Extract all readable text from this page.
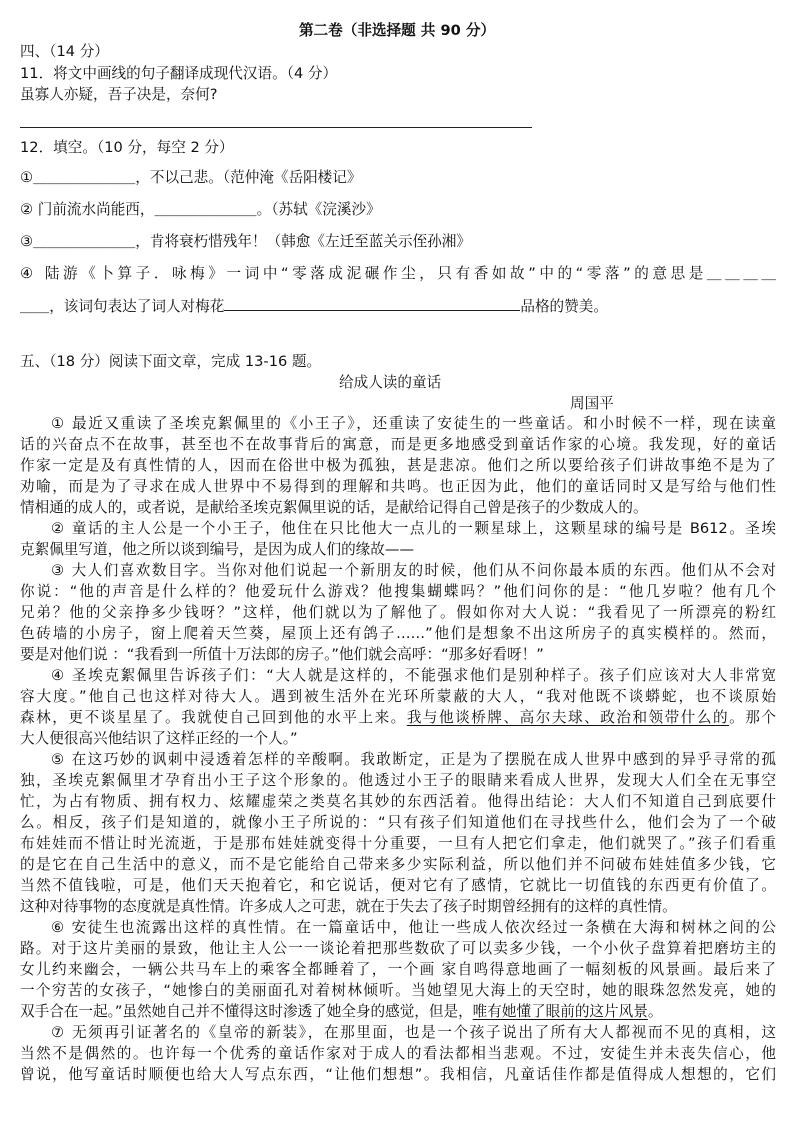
第二卷（非选择题 共 90 分）
四、（14 分）
11．将文中画线的句子翻译成现代汉语。（4 分）
虽寡人亦疑，吾子决是，奈何?
12．填空。（10 分，每空 2 分）
①＿＿＿＿＿＿＿，不以己悲。（范仲淹《岳阳楼记》
② 门前流水尚能西，＿＿＿＿＿＿＿。（苏轼《浣溪沙》
③＿＿＿＿＿＿＿，肯将衰朽惜残年！（韩愈《左迁至蓝关示侄孙湘》
④ 陆游《卜算子．咏梅》一词中“零落成泥碾作尘，只有香如故”中的“零落”的意思是＿＿＿＿
＿＿，该词句表达了词人对梅花	品格的赞美。
五、（18 分）阅读下面文章，完成 13-16 题。
给成人读的童话
周国平
① 最近又重读了圣埃克絮佩里的《小王子》，还重读了安徒生的一些童话。和小时候不一样，现在读童
话的兴奋点不在故事，甚至也不在故事背后的寓意，而是更多地感受到童话作家的心境。我发现，好的童话
作家一定是及有真性情的人，因而在俗世中极为孤独，甚是悲凉。他们之所以要给孩子们讲故事绝不是为了
劝喻，而是为了寻求在成人世界中不易得到的理解和共鸣。也正因为此，他们的童话同时又是写给与他们性
情相通的成人的，或者说，是献给圣埃克絮佩里说的话，是献给记得自己曾是孩子的少数成人的。
② 童话的主人公是一个小王子，他住在只比他大一点儿的一颗星球上，这颗星球的编号是 B612。圣埃
克絮佩里写道，他之所以谈到编号，是因为成人们的缘故——
③ 大人们喜欢数目字。当你对他们说起一个新朋友的时候，他们从不问你最本质的东西。他们从不会对
你说：“他的声音是什么样的？他爱玩什么游戏？他搜集蝴蝶吗？”他们问你的是：“他几岁啦？他有几个
兄弟？他的父亲挣多少钱呀？”这样，他们就以为了解他了。假如你对大人说：“我看见了一所漂亮的粉红
色砖墙的小房子，窗上爬着天竺葵，屋顶上还有鸽子……”他们是想象不出这所房子的真实模样的。然而，
要是对他们说 ：“我看到一所值十万法郎的房子。”他们就会高呼：“那多好看呀！”
④ 圣埃克絮佩里告诉孩子们：“大人就是这样的，不能强求他们是别种样子。孩子们应该对大人非常宽
容大度。”他自己也这样对待大人。遇到被生活外在光环所蒙蔽的大人，“我对他既不谈蟒蛇，也不谈原始
森林，更不谈星星了。我就使自己回到他的水平上来。我与他谈桥牌、高尔夫球、政治和领带什么的。那个
大人便很高兴他结识了这样正经的一个人。”
⑤ 在这巧妙的讽刺中浸透着怎样的辛酸啊。我敢断定，正是为了摆脱在成人世界中感到的异乎寻常的孤
独，圣埃克絮佩里才孕育出小王子这个形象的。他透过小王子的眼睛来看成人世界，发现大人们全在无事空
忙，为占有物质、拥有权力、炫耀虚荣之类莫名其妙的东西活着。他得出结论：大人们不知道自己到底要什
么。相反，孩子们是知道的，就像小王子所说的：“只有孩子们知道他们在寻找些什么，他们会为了一个破
布娃娃而不惜让时光流逝，于是那布娃娃就变得十分重要，一旦有人把它们拿走，他们就哭了。”孩子们看重
的是它在自己生活中的意义，而不是它能给自己带来多少实际利益，所以他们并不问破布娃娃值多少钱，它
当然不值钱啦，可是，他们天天抱着它，和它说话，便对它有了感情，它就比一切值钱的东西更有价值了。
这种对待事物的态度就是真性情。许多成人之可悲，就在于失去了孩子时期曾经拥有的这样的真性情。
⑥ 安徒生也流露出这样的真性情。在一篇童话中，他让一些成人依次经过一条横在大海和树林之间的公
路。对于这片美丽的景致，他让主人公一一谈论着把那些数砍了可以卖多少钱，一个小伙子盘算着把磨坊主的
女儿约来幽会，一辆公共马车上的乘客全都睡着了，一个画 家自鸣得意地画了一幅刻板的风景画。最后来了
一个穷苦的女孩子，“她惨白的美丽面孔对着树林倾听。当她望见大海上的天空时，她的眼珠忽然发亮，她的
双手合在一起。”虽然她自己并不懂得这时渗透了她全身的感觉，但是，唯有她懂了眼前的这片风景。
⑦ 无须再引证著名的《皇帝的新装》，在那里面，也是一个孩子说出了所有大人都视而不见的真相，这
当然不是偶然的。也许每一个优秀的童话作家对于成人的看法都相当悲观。不过，安徒生并未丧失信心，他
曾说，他写童话时顺便也给大人写点东西，“让他们想想”。我相信，凡童话佳作都是值得成人想想的，它们
